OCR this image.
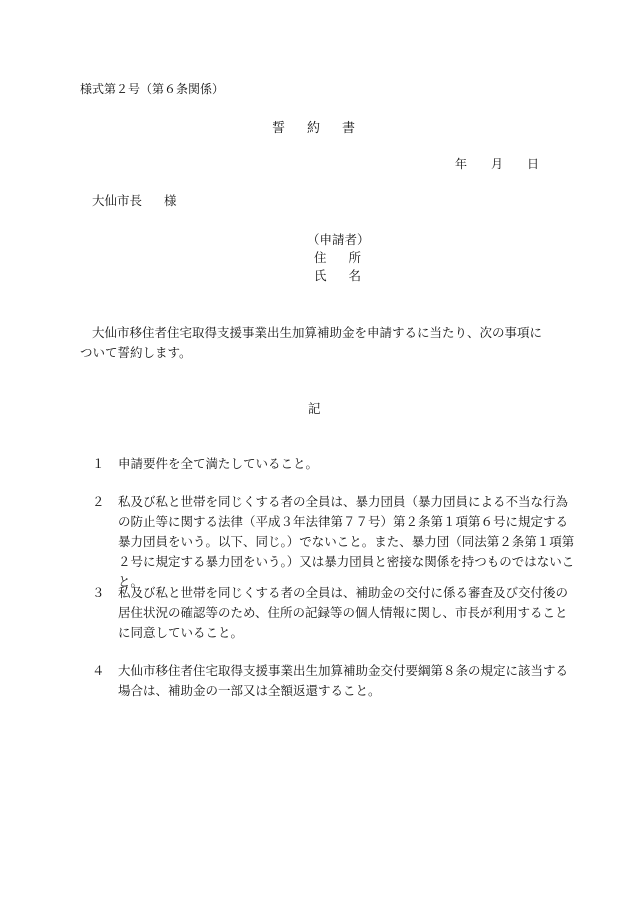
様式第２号（第６条関係）
誓 約 書
年 月 日
大仙市長 様
（申請者）
住 所
氏 名
大仙市移住者住宅取得支援事業出生加算補助金を申請するに当たり、次の事項について誓約します。
記
１ 申請要件を全て満たしていること。
２ 私及び私と世帯を同じくする者の全員は、暴力団員（暴力団員による不当な行為の防止等に関する法律（平成３年法律第７７号）第２条第１項第６号に規定する暴力団員をいう。以下、同じ。）でないこと。また、暴力団（同法第２条第１項第２号に規定する暴力団をいう。）又は暴力団員と密接な関係を持つものではないこと。
３ 私及び私と世帯を同じくする者の全員は、補助金の交付に係る審査及び交付後の居住状況の確認等のため、住所の記録等の個人情報に関し、市長が利用することに同意していること。
４ 大仙市移住者住宅取得支援事業出生加算補助金交付要綱第８条の規定に該当する場合は、補助金の一部又は全額返還すること。
